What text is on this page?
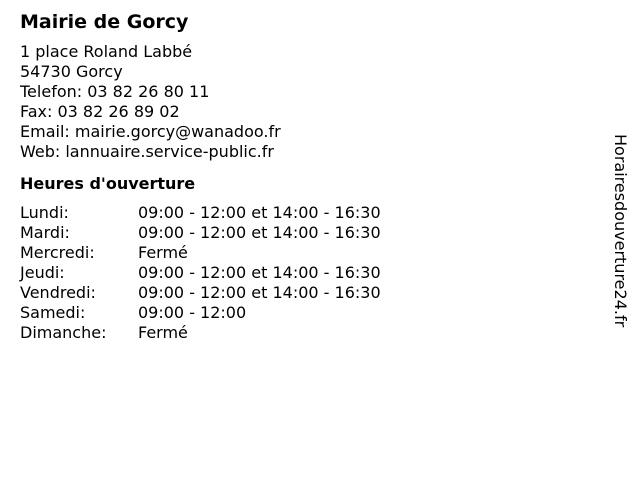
Mairie de Gorcy
1 place Roland Labbé
54730 Gorcy
Telefon: 03 82 26 80 11
Fax: 03 82 26 89 02
Email: mairie.gorcy@wanadoo.fr
Web: lannuaire.service-public.fr
Heures d'ouverture
Lundi:	09:00 - 12:00 et 14:00 - 16:30
Mardi:	09:00 - 12:00 et 14:00 - 16:30
Mercredi:	Fermé
Jeudi:	09:00 - 12:00 et 14:00 - 16:30
Vendredi:	09:00 - 12:00 et 14:00 - 16:30
Samedi:	09:00 - 12:00
Dimanche: Fermé
Horairesdouverture24.fr
